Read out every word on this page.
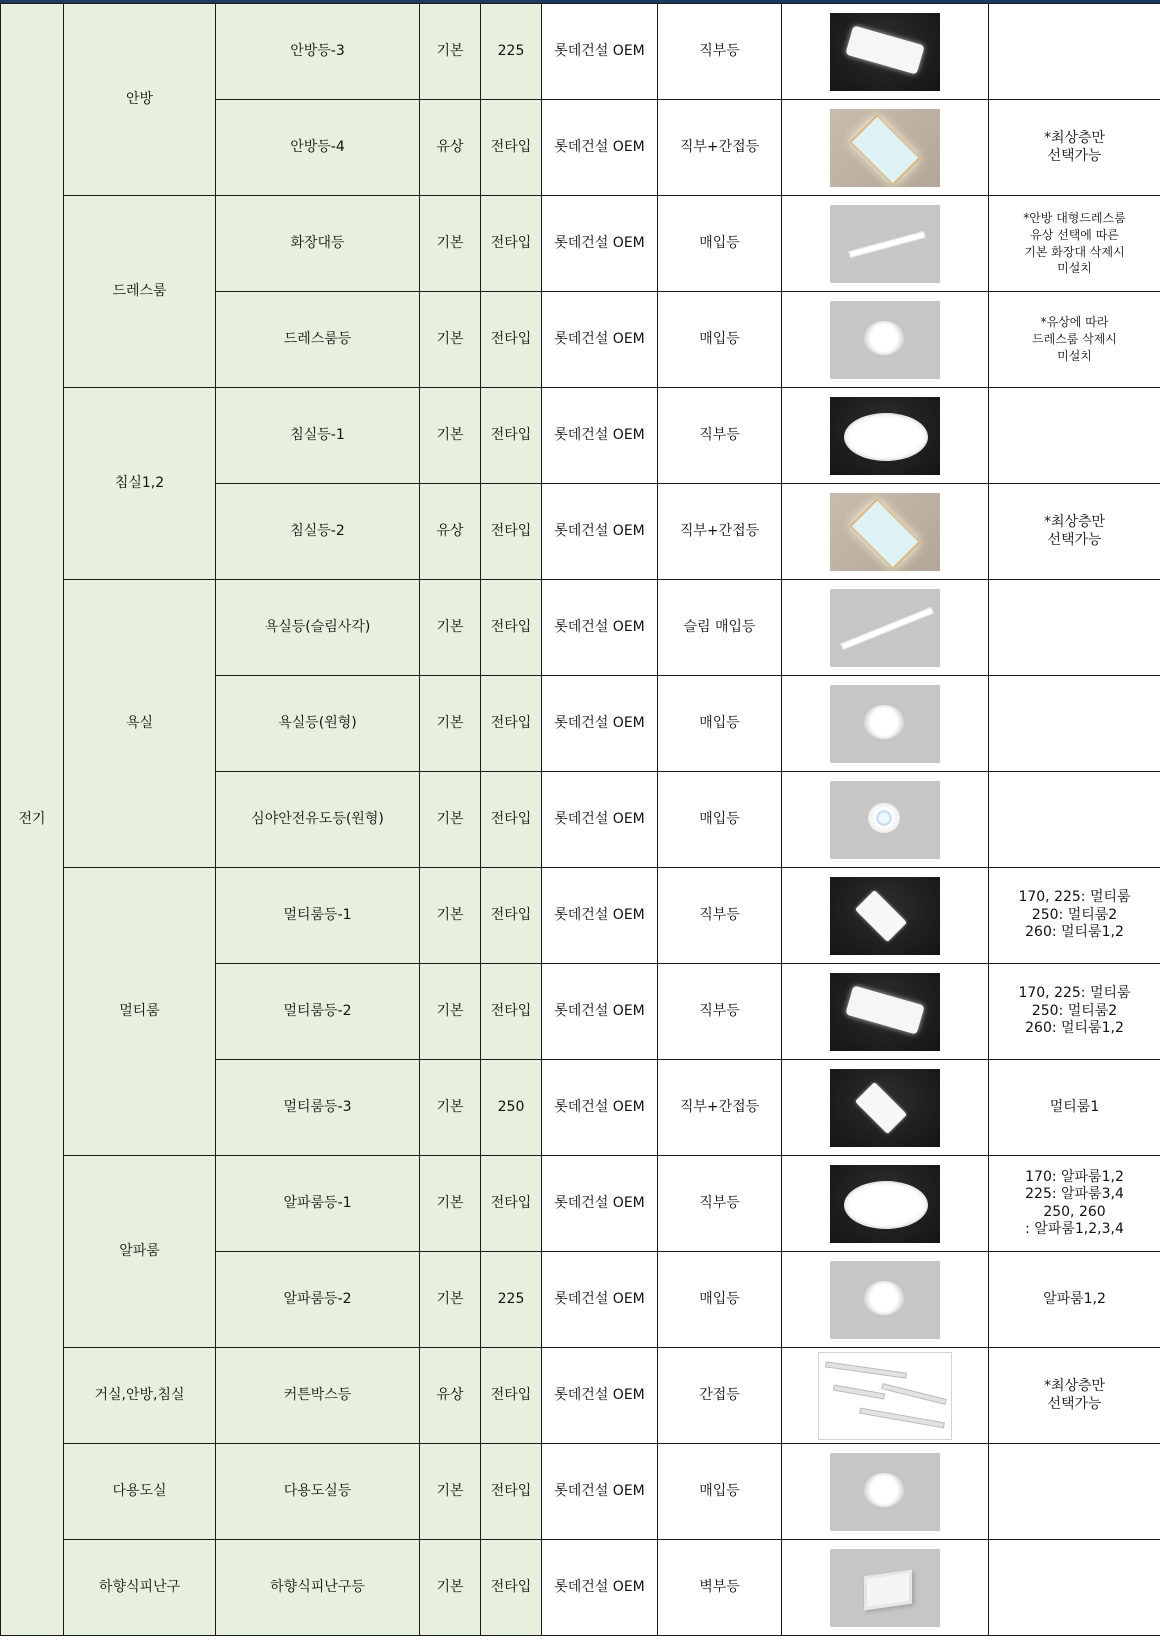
전기	안방	안방등-3	기본	225	롯데건설 OEM	직부등	

		안방등-4	유상	전타입	롯데건설 OEM	직부+간접등		*최상층만
선택가능
	드레스룸	화장대등	기본	전타입	롯데건설 OEM	매입등		*안방 대형드레스룸
유상 선택에 따른
기본 화장대 삭제시
미설치
		드레스룸등	기본	전타입	롯데건설 OEM	매입등		*유상에 따라
드레스룸 삭제시
미설치
	침실1,2	침실등-1	기본	전타입	롯데건설 OEM	직부등	

		침실등-2	유상	전타입	롯데건설 OEM	직부+간접등		*최상층만
선택가능
	욕실	욕실등(슬림사각)	기본	전타입	롯데건설 OEM	슬림 매입등	

		욕실등(원형)	기본	전타입	롯데건설 OEM	매입등	

		심야안전유도등(원형)	기본	전타입	롯데건설 OEM	매입등	

	멀티룸	멀티룸등-1	기본	전타입	롯데건설 OEM	직부등		170, 225: 멀티룸
250: 멀티룸2
260: 멀티룸1,2
		멀티룸등-2	기본	전타입	롯데건설 OEM	직부등		170, 225: 멀티룸
250: 멀티룸2
260: 멀티룸1,2
		멀티룸등-3	기본	250	롯데건설 OEM	직부+간접등		멀티룸1
	알파룸	알파룸등-1	기본	전타입	롯데건설 OEM	직부등		170: 알파룸1,2
225: 알파룸3,4
250, 260
: 알파룸1,2,3,4
		알파룸등-2	기본	225	롯데건설 OEM	매입등		알파룸1,2
	거실,안방,침실	커튼박스등	유상	전타입	롯데건설 OEM	간접등		*최상층만
선택가능
	다용도실	다용도실등	기본	전타입	롯데건설 OEM	매입등	

	하향식피난구	하향식피난구등	기본	전타입	롯데건설 OEM	벽부등	
